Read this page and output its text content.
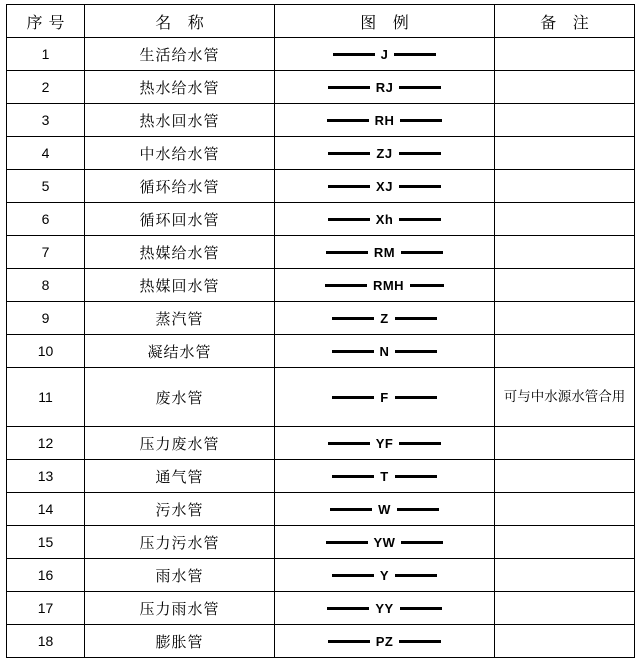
序号	名 称	图 例	备 注
1	生活给水管	J	

2	热水给水管	RJ	

3	热水回水管	RH	

4	中水给水管	ZJ	

5	循环给水管	XJ	

6	循环回水管	Xh	

7	热媒给水管	RM	

8	热媒回水管	RMH	

9	蒸汽管	Z	

10	凝结水管	N	

11	废水管	F	可与中水源水管合用
12	压力废水管	YF	

13	通气管	T	

14	污水管	W	

15	压力污水管	YW	

16	雨水管	Y	

17	压力雨水管	YY	

18	膨胀管	PZ	
